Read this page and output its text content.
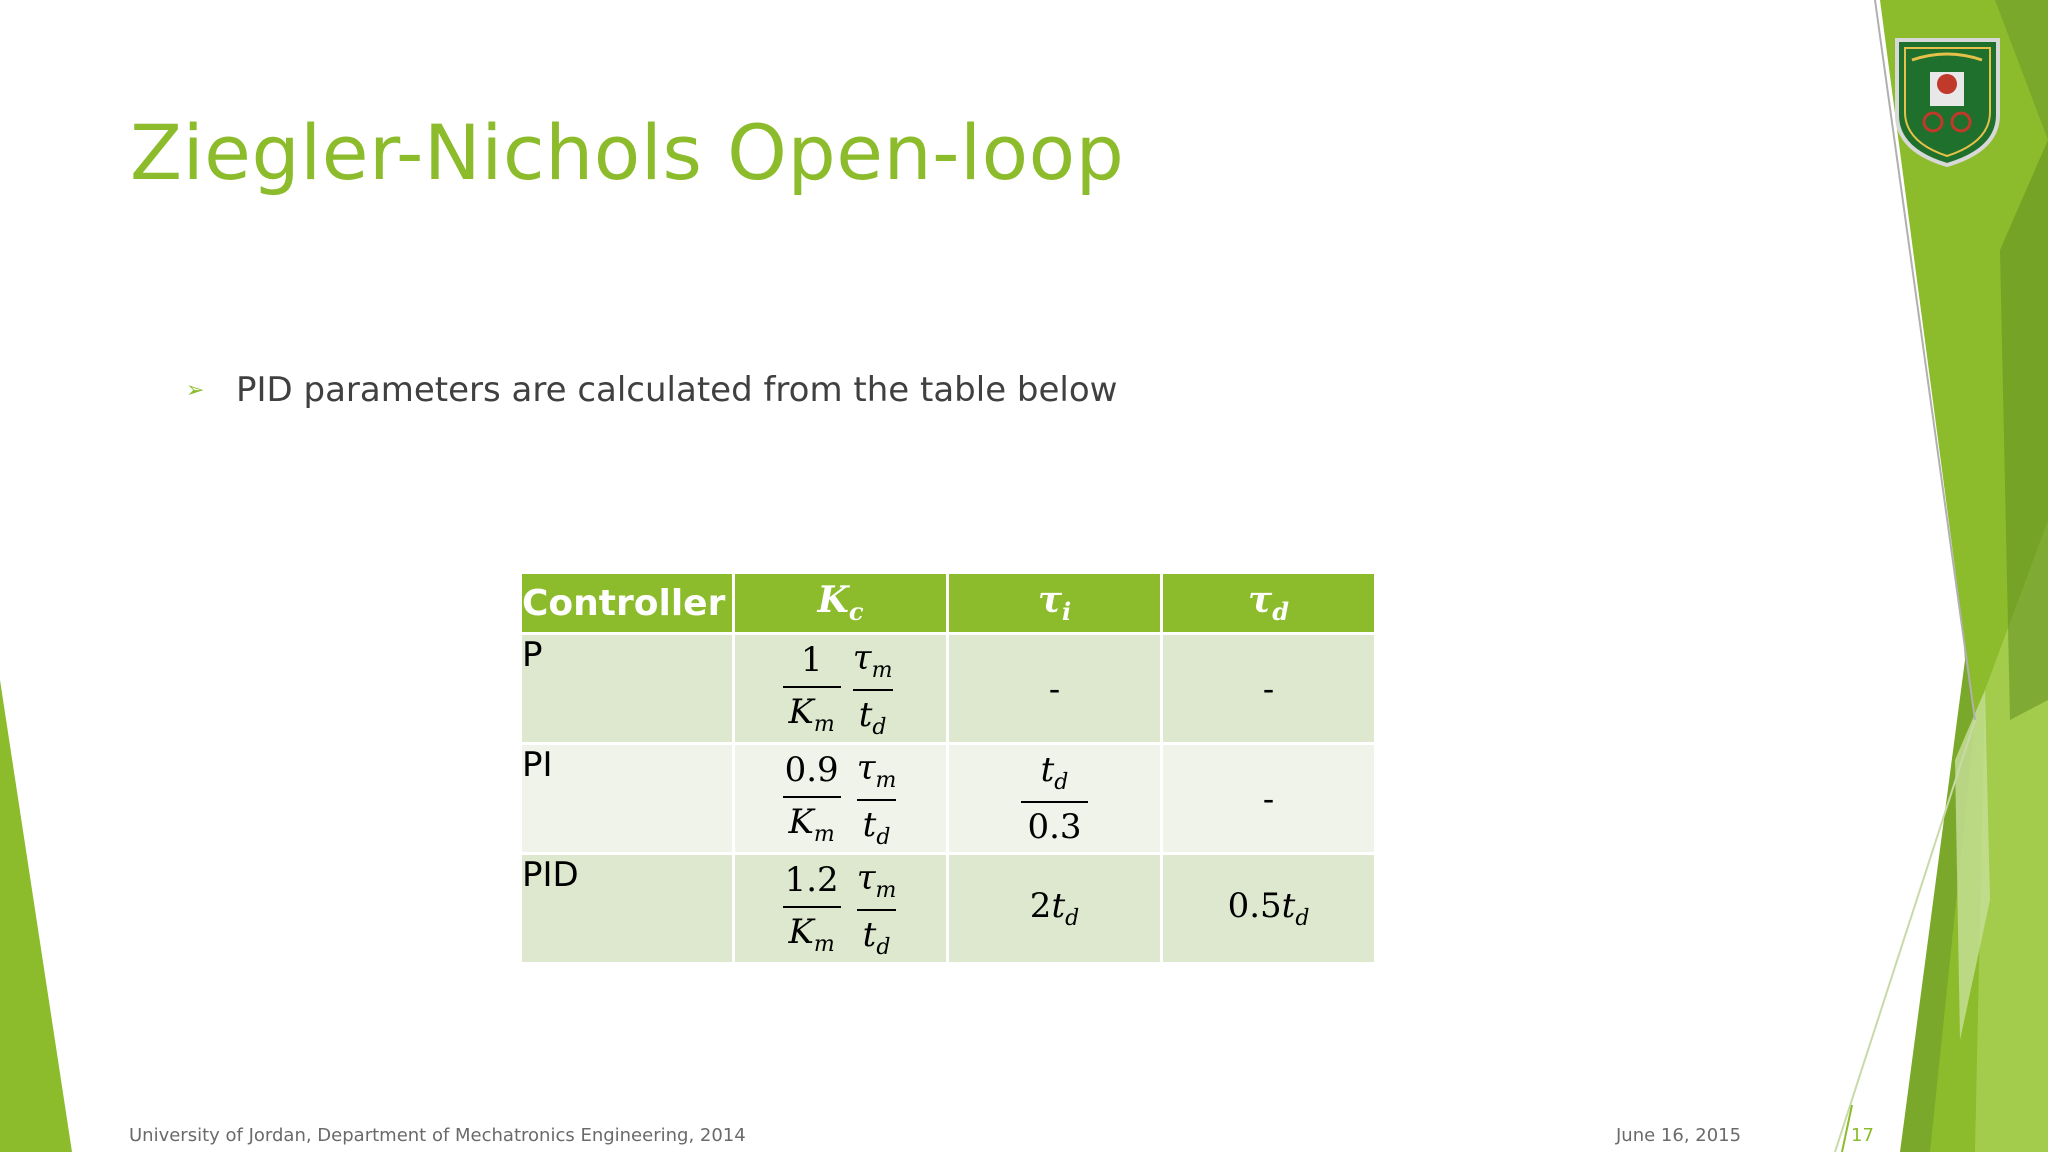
Ziegler-Nichols Open-loop
➢ PID parameters are calculated from the table below
Controller	$K_c$	$\tau_i$	$\tau_d$
P	$\frac{1}{K_m} \frac{\tau_m}{t_d}$	-	-
PI	$\frac{0.9}{K_m} \frac{\tau_m}{t_d}$	$\frac{t_d}{0.3}$	-
PID	$\frac{1.2}{K_m} \frac{\tau_m}{t_d}$	$2t_d$	$0.5t_d$
University of Jordan, Department of Mechatronics Engineering, 2014	June 16, 2015	17
